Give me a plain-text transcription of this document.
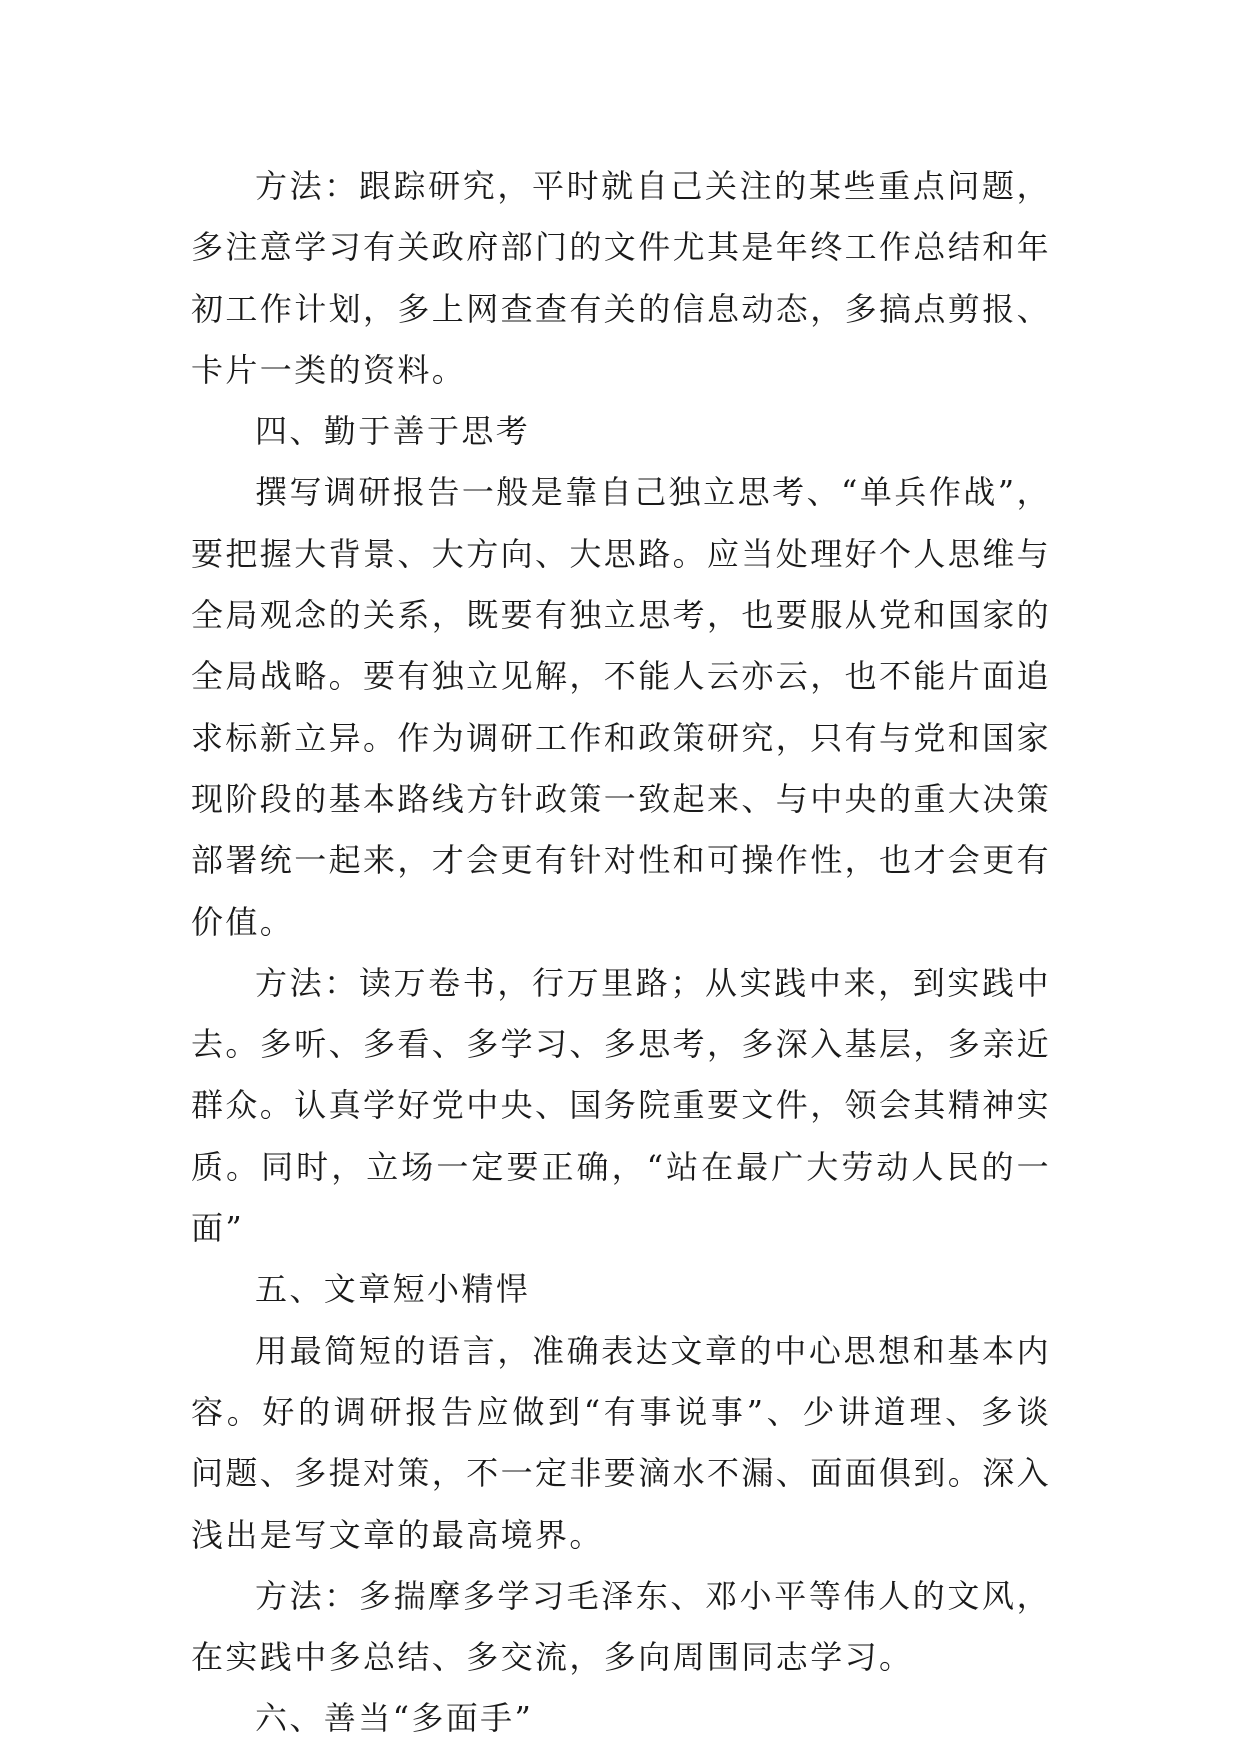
方法：跟踪研究，平时就自己关注的某些重点问题，多注意学习有关政府部门的文件尤其是年终工作总结和年初工作计划，多上网查查有关的信息动态，多搞点剪报、卡片一类的资料。

四、勤于善于思考

撰写调研报告一般是靠自己独立思考、“单兵作战”，要把握大背景、大方向、大思路。应当处理好个人思维与全局观念的关系，既要有独立思考，也要服从党和国家的全局战略。要有独立见解，不能人云亦云，也不能片面追求标新立异。作为调研工作和政策研究，只有与党和国家现阶段的基本路线方针政策一致起来、与中央的重大决策部署统一起来，才会更有针对性和可操作性，也才会更有价值。

方法：读万卷书，行万里路；从实践中来，到实践中去。多听、多看、多学习、多思考，多深入基层，多亲近群众。认真学好党中央、国务院重要文件，领会其精神实质。同时，立场一定要正确，“站在最广大劳动人民的一面”

五、文章短小精悍

用最简短的语言，准确表达文章的中心思想和基本内容。好的调研报告应做到“有事说事”、少讲道理、多谈问题、多提对策，不一定非要滴水不漏、面面俱到。深入浅出是写文章的最高境界。

方法：多揣摩多学习毛泽东、邓小平等伟人的文风，在实践中多总结、多交流，多向周围同志学习。

六、善当“多面手”
